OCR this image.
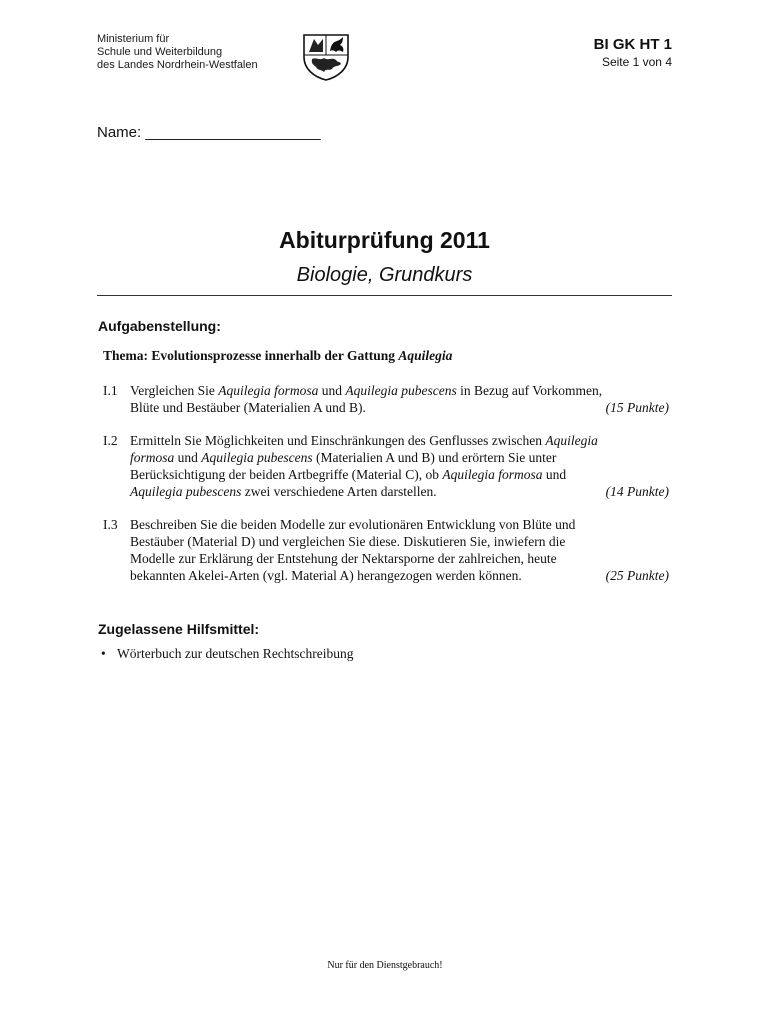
Ministerium für
Schule und Weiterbildung
des Landes Nordrhein-Westfalen
BI GK HT 1
Seite 1 von 4
Name: _____________________
Abiturprüfung 2011
Biologie, Grundkurs
Aufgabenstellung:
Thema: Evolutionsprozesse innerhalb der Gattung Aquilegia
I.1 Vergleichen Sie Aquilegia formosa und Aquilegia pubescens in Bezug auf Vorkommen,
Blüte und Bestäuber (Materialien A und B).	(15 Punkte)
I.2 Ermitteln Sie Möglichkeiten und Einschränkungen des Genflusses zwischen Aquilegia
formosa und Aquilegia pubescens (Materialien A und B) und erörtern Sie unter
Berücksichtigung der beiden Artbegriffe (Material C), ob Aquilegia formosa und
Aquilegia pubescens zwei verschiedene Arten darstellen.	(14 Punkte)
I.3 Beschreiben Sie die beiden Modelle zur evolutionären Entwicklung von Blüte und
Bestäuber (Material D) und vergleichen Sie diese. Diskutieren Sie, inwiefern die
Modelle zur Erklärung der Entstehung der Nektarsporne der zahlreichen, heute
bekannten Akelei-Arten (vgl. Material A) herangezogen werden können.	(25 Punkte)
Zugelassene Hilfsmittel:
• Wörterbuch zur deutschen Rechtschreibung
Nur für den Dienstgebrauch!
